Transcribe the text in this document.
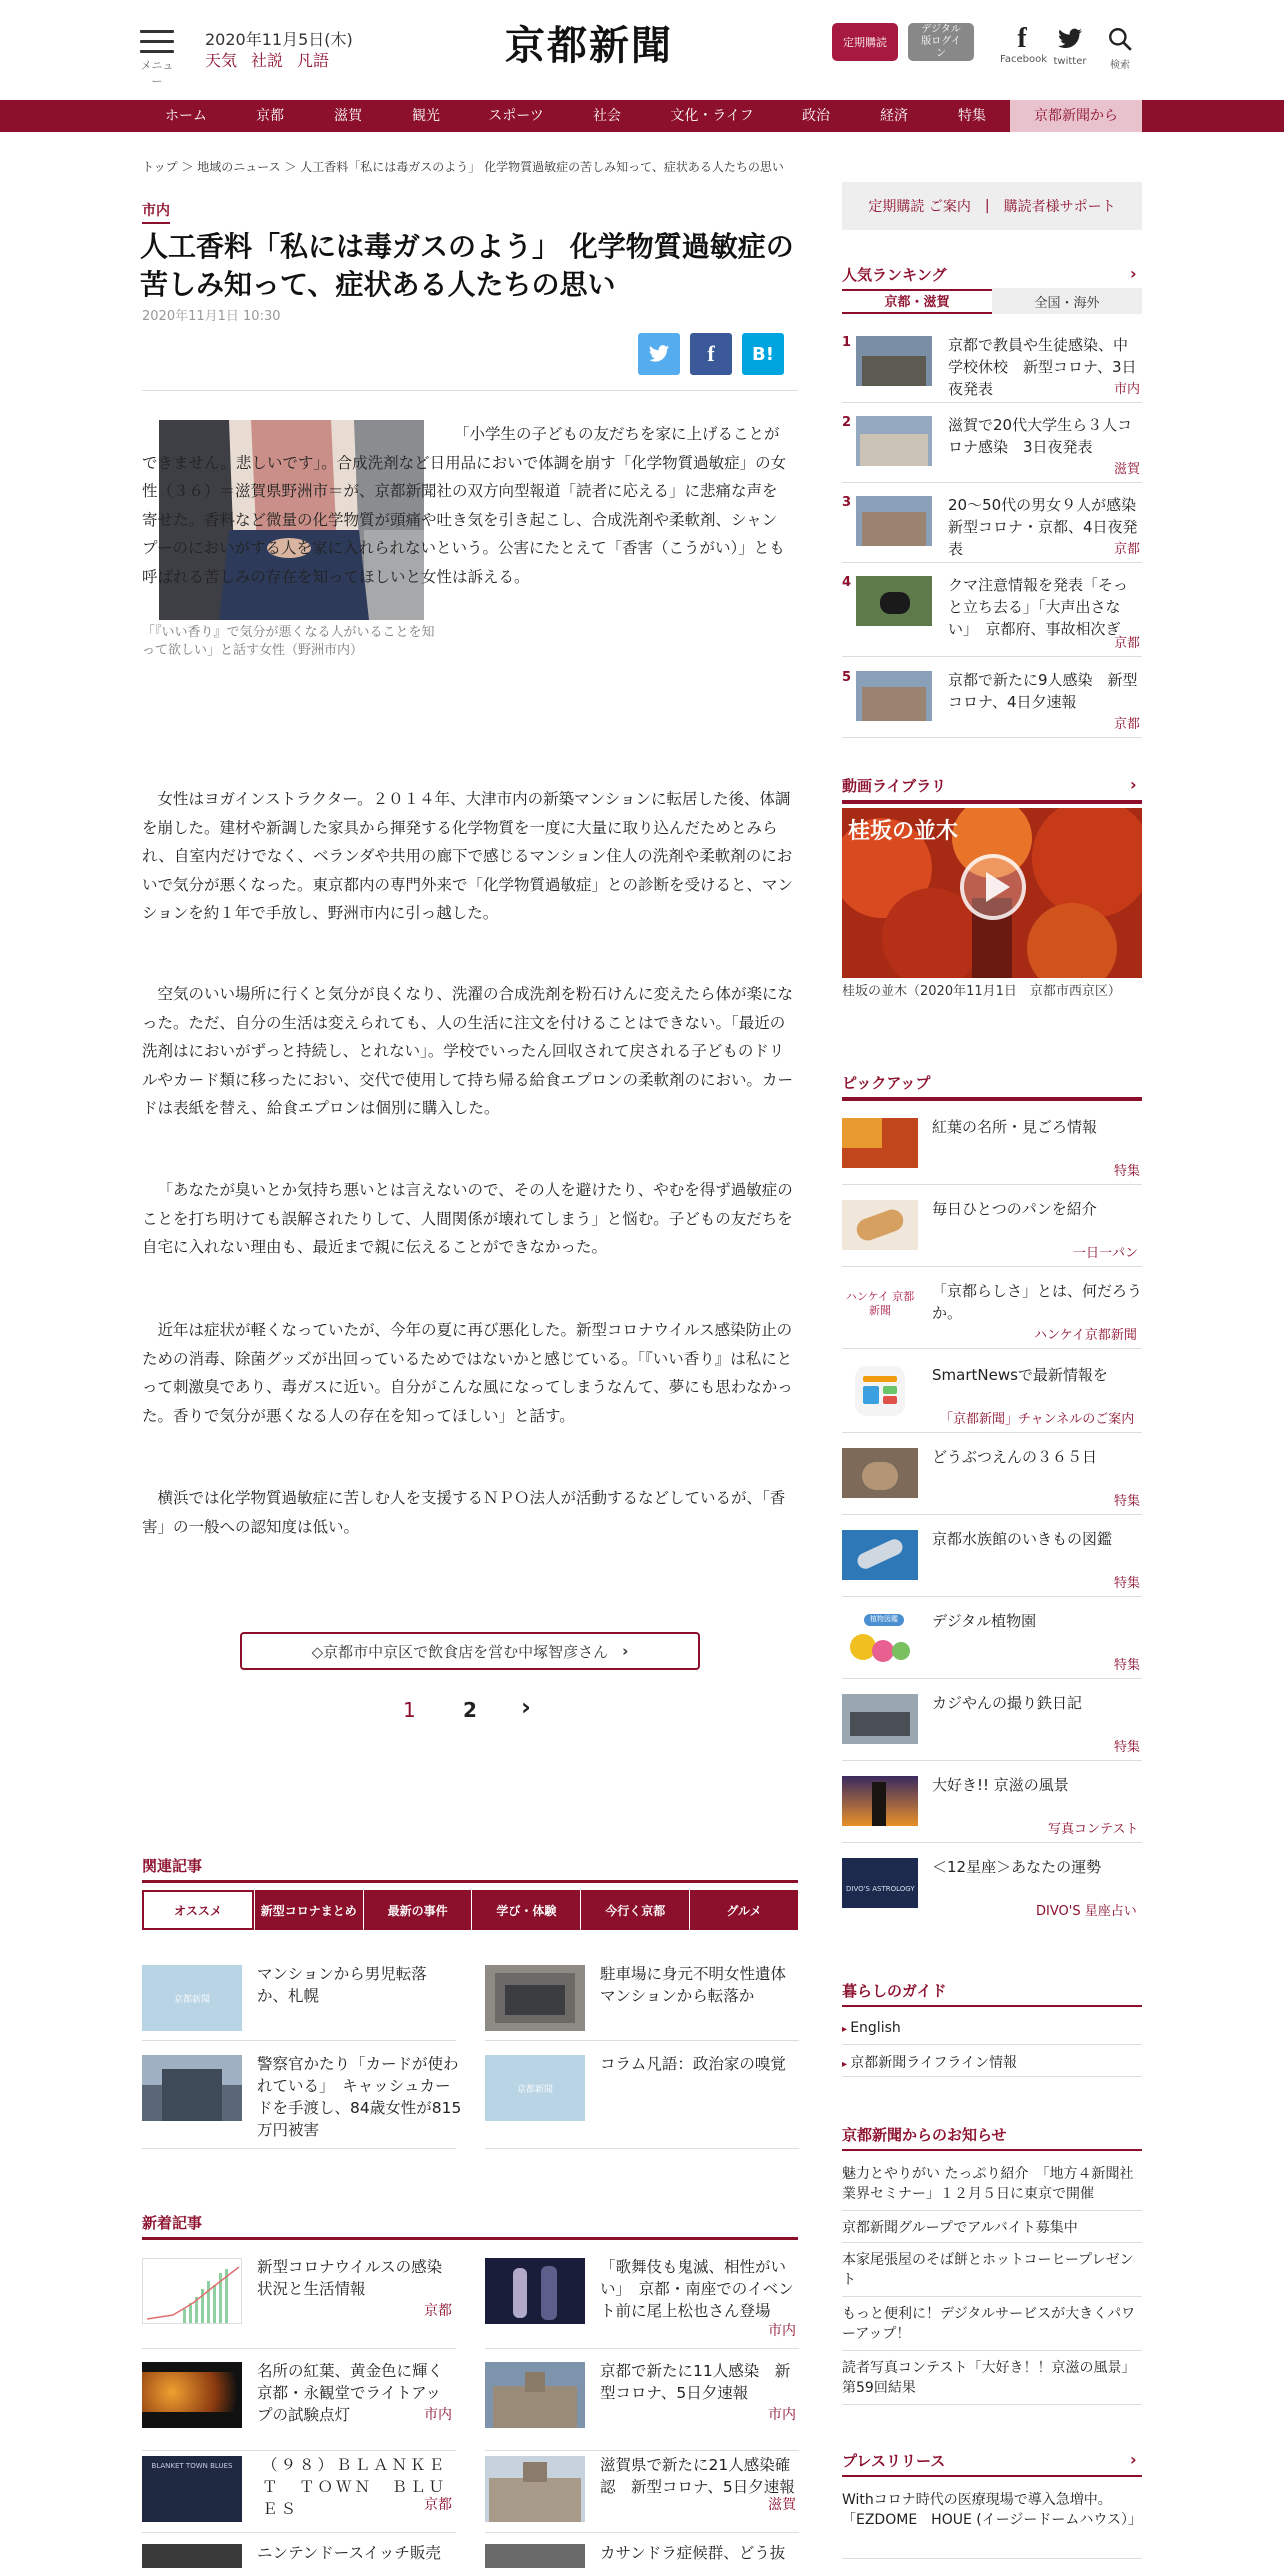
メニュー
2020年11月5日(木)
天気 社説 凡語	京都新聞	定期購読
デジタル版ログイン	f
Facebook twitter	検索
ホーム	京都	滋賀	観光	スポーツ	社会	文化・ライフ	政治	経済	特集	京都新聞から
トップ ＞ 地域のニュース ＞ 人工香料「私には毒ガスのよう」 化学物質過敏症の苦しみ知って、症状ある人たちの思い
市内
人工香料「私には毒ガスのよう」 化学物質過敏症の苦しみ知って、症状ある人たちの思い
2020年11月1日 10:30
f B!
「『いい香り』で気分が悪くなる人がいることを知って欲しい」と話す女性（野洲市内）
「小学生の子どもの友だちを家に上げることができません。悲しいです」。合成洗剤など日用品においで体調を崩す「化学物質過敏症」の女性（３６）＝滋賀県野洲市＝が、京都新聞社の双方向型報道「読者に応える」に悲痛な声を寄せた。香料など微量の化学物質が頭痛や吐き気を引き起こし、合成洗剤や柔軟剤、シャンプーのにおいがする人を家に入れられないという。公害にたとえて「香害（こうがい）」とも呼ばれる苦しみの存在を知ってほしいと女性は訴える。
女性はヨガインストラクター。２０１４年、大津市内の新築マンションに転居した後、体調を崩した。建材や新調した家具から揮発する化学物質を一度に大量に取り込んだためとみられ、自室内だけでなく、ベランダや共用の廊下で感じるマンション住人の洗剤や柔軟剤のにおいで気分が悪くなった。東京都内の専門外来で「化学物質過敏症」との診断を受けると、マンションを約１年で手放し、野洲市内に引っ越した。
空気のいい場所に行くと気分が良くなり、洗濯の合成洗剤を粉石けんに変えたら体が楽になった。ただ、自分の生活は変えられても、人の生活に注文を付けることはできない。「最近の洗剤はにおいがずっと持続し、とれない」。学校でいったん回収されて戻される子どものドリルやカード類に移ったにおい、交代で使用して持ち帰る給食エプロンの柔軟剤のにおい。カードは表紙を替え、給食エプロンは個別に購入した。
「あなたが臭いとか気持ち悪いとは言えないので、その人を避けたり、やむを得ず過敏症のことを打ち明けても誤解されたりして、人間関係が壊れてしまう」と悩む。子どもの友だちを自宅に入れない理由も、最近まで親に伝えることができなかった。
近年は症状が軽くなっていたが、今年の夏に再び悪化した。新型コロナウイルス感染防止のための消毒、除菌グッズが出回っているためではないかと感じている。「『いい香り』は私にとって刺激臭であり、毒ガスに近い。自分がこんな風になってしまうなんて、夢にも思わなかった。香りで気分が悪くなる人の存在を知ってほしい」と話す。
横浜では化学物質過敏症に苦しむ人を支援するＮＰＯ法人が活動するなどしているが、「香害」の一般への認知度は低い。
◇京都市中京区で飲食店を営む中塚智彦さん ›
1 2 ›
関連記事
オススメ	新型コロナまとめ	最新の事件	学び・体験	今行く京都	グルメ
京都新聞
マンションから男児転落か、札幌
駐車場に身元不明女性遺体　マンションから転落か
警察官かたり「カードが使われている」　キャッシュカードを手渡し、84歳女性が815万円被害
京都新聞
コラム凡語：政治家の嗅覚
新着記事
新型コロナウイルスの感染状況と生活情報
京都
「歌舞伎も鬼滅、相性がいい」　京都・南座でのイベント前に尾上松也さん登場
市内
名所の紅葉、黄金色に輝く　京都・永観堂でライトアップの試験点灯	市内
京都で新たに11人感染　新型コロナ、5日夕速報
市内
BLANKET TOWN BLUES	（９８）ＢＬＡＮＫＥＴ　ＴＯＷＮ　ＢＬＵＥＳ	京都
滋賀県で新たに21人感染確認　新型コロナ、5日夕速報
滋賀
ニンテンドースイッチ販売	カサンドラ症候群、どう抜
定期購読 ご案内 | 購読者様サポート
人気ランキング	›
京都・滋賀	全国・海外
1	京都で教員や生徒感染、中学校休校　新型コロナ、3日夜発表	市内
2	滋賀で20代大学生ら３人コロナ感染　3日夜発表
滋賀
3	20～50代の男女９人が感染　新型コロナ・京都、4日夜発表	京都
4	クマ注意情報を発表「そっと立ち去る」「大声出さない」　京都府、事故相次ぎ
京都
5	京都で新たに9人感染　新型コロナ、4日夕速報
京都
動画ライブラリ	›
桂坂の並木
桂坂の並木（2020年11月1日　京都市西京区）
ピックアップ
紅葉の名所・見ごろ情報
特集
毎日ひとつのパンを紹介
一日一パン
ハンケイ 京都新聞
「京都らしさ」とは、何だろうか。
ハンケイ京都新聞
SmartNewsで最新情報を
「京都新聞」チャンネルのご案内
どうぶつえんの３６５日
特集
京都水族館のいきもの図鑑
特集
植物図鑑	デジタル植物園
特集
カジやんの撮り鉄日記
特集
大好き!! 京滋の風景
写真コンテスト
DIVO'S ASTROLOGY
＜12星座＞あなたの運勢
DIVO'S 星座占い
暮らしのガイド
▸ English
▸ 京都新聞ライフライン情報
京都新聞からのお知らせ
魅力とやりがい たっぷり紹介　「地方４新聞社業界セミナー」１２月５日に東京で開催
京都新聞グループでアルバイト募集中
本家尾張屋のそば餅とホットコーヒープレゼント
もっと便利に！デジタルサービスが大きくパワーアップ！
読者写真コンテスト「大好き！！京滋の風景」第59回結果
プレスリリース	›
Withコロナ時代の医療現場で導入急増中。「EZDOME　HOUE (イージードームハウス）」
